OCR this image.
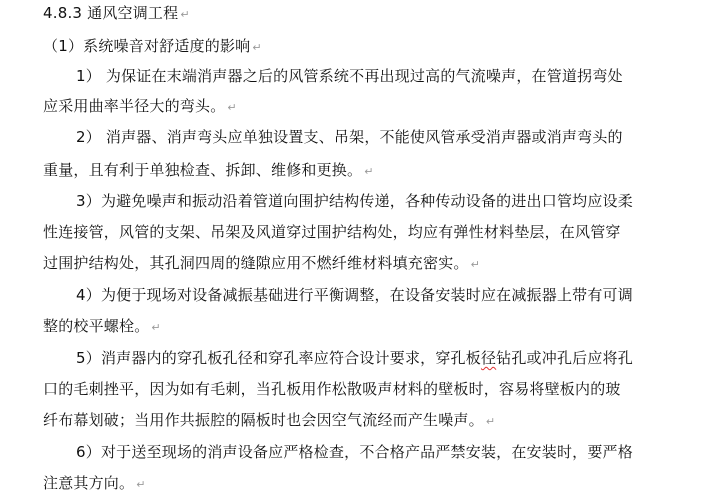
4.8.3 通风空调工程 ↵
（1）系统噪音对舒适度的影响 ↵
1） 为保证在末端消声器之后的风管系统不再出现过高的气流噪声，在管道拐弯处
应采用曲率半径大的弯头。 ↵
2） 消声器、消声弯头应单独设置支、吊架，不能使风管承受消声器或消声弯头的
重量，且有利于单独检查、拆卸、维修和更换。 ↵
3）为避免噪声和振动沿着管道向围护结构传递，各种传动设备的进出口管均应设柔
性连接管，风管的支架、吊架及风道穿过围护结构处，均应有弹性材料垫层，在风管穿
过围护结构处，其孔洞四周的缝隙应用不燃纤维材料填充密实。 ↵
4）为便于现场对设备减振基础进行平衡调整，在设备安装时应在减振器上带有可调
整的校平螺栓。 ↵
5）消声器内的穿孔板孔径和穿孔率应符合设计要求，穿孔板径钻孔或冲孔后应将孔
口的毛刺挫平，因为如有毛刺，当孔板用作松散吸声材料的壁板时，容易将壁板内的玻
纤布幕划破；当用作共振腔的隔板时也会因空气流经而产生噪声。 ↵
6）对于送至现场的消声设备应严格检查，不合格产品严禁安装，在安装时，要严格
注意其方向。 ↵
